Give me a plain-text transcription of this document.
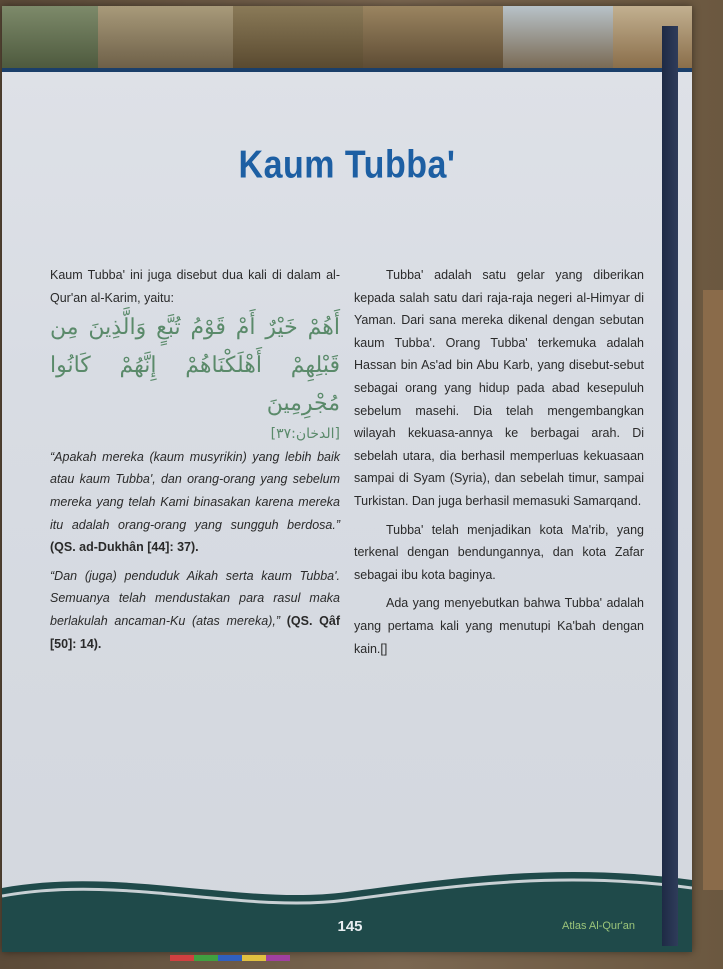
Kaum Tubba'

Kaum Tubba' ini juga disebut dua kali di dalam al-Qur'an al-Karim, yaitu:

أَهُمْ خَيْرٌ أَمْ قَوْمُ تُبَّعٍ وَالَّذِينَ مِن قَبْلِهِمْ أَهْلَكْنَاهُمْ إِنَّهُمْ كَانُوا مُجْرِمِينَ

[الدخان:٣٧]

“Apakah mereka (kaum musyrikin) yang lebih baik atau kaum Tubba', dan orang-orang yang sebelum mereka yang telah Kami binasakan karena mereka itu adalah orang-orang yang sungguh berdosa.” (QS. ad-Dukhân [44]: 37).

“Dan (juga) penduduk Aikah serta kaum Tubba'. Semuanya telah mendustakan para rasul maka berlakulah ancaman-Ku (atas mereka),” (QS. Qâf [50]: 14).

Tubba' adalah satu gelar yang diberikan kepada salah satu dari raja-raja negeri al-Himyar di Yaman. Dari sana mereka dikenal dengan sebutan kaum Tubba'. Orang Tubba' terkemuka adalah Hassan bin As'ad bin Abu Karb, yang disebut-sebut sebagai orang yang hidup pada abad kesepuluh sebelum masehi. Dia telah mengembangkan wilayah kekuasa-annya ke berbagai arah. Di sebelah utara, dia berhasil memperluas kekuasaan sampai di Syam (Syria), dan sebelah timur, sampai Turkistan. Dan juga berhasil memasuki Samarqand.

Tubba' telah menjadikan kota Ma'rib, yang terkenal dengan bendungannya, dan kota Zafar sebagai ibu kota baginya.

Ada yang menyebutkan bahwa Tubba' adalah yang pertama kali yang menutupi Ka'bah dengan kain.[]

145	Atlas Al-Qur'an
